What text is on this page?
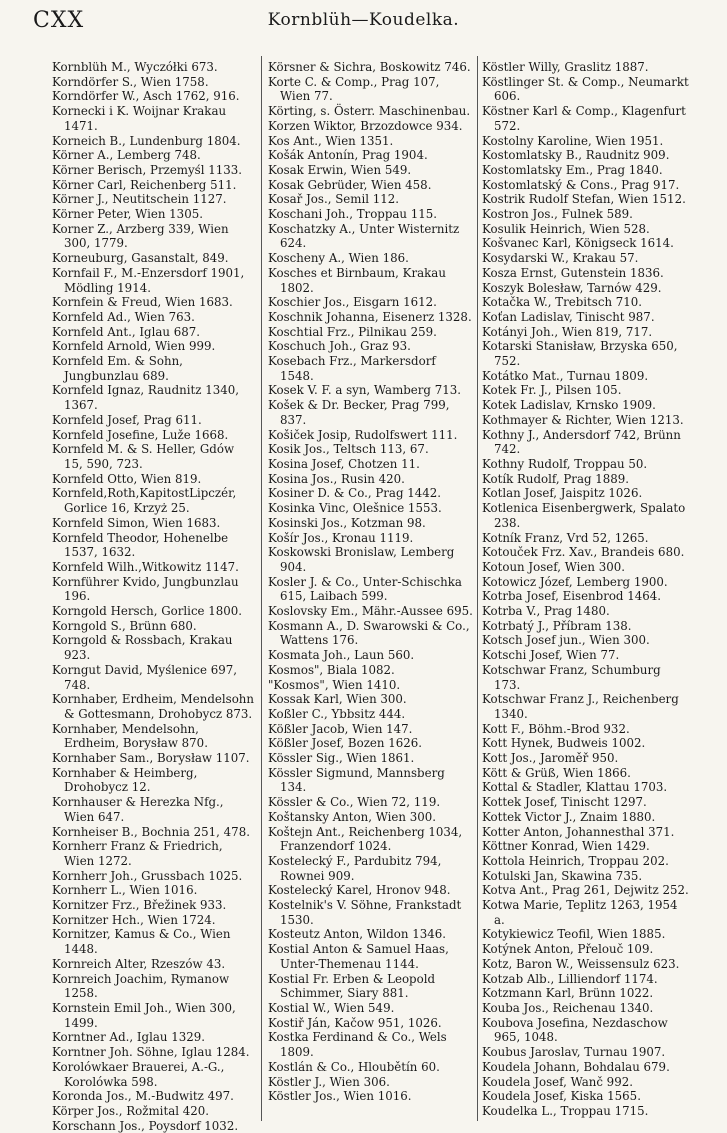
CXX	Kornblüh—Koudelka.
Kornblüh M., Wyczółki 673.
Korndörfer S., Wien 1758.
Korndörfer W., Asch 1762, 916.
Kornecki i K. Woijnar Krakau 1471.
Korneich B., Lundenburg 1804.
Körner A., Lemberg 748.
Körner Berisch, Przemyśl 1133.
Körner Carl, Reichenberg 511.
Körner J., Neutitschein 1127.
Körner Peter, Wien 1305.
Korner Z., Arzberg 339, Wien 300, 1779.
Korneuburg, Gasanstalt, 849.
Kornfail F., M.-Enzersdorf 1901, Mödling 1914.
Kornfein & Freud, Wien 1683.
Kornfeld Ad., Wien 763.
Kornfeld Ant., Iglau 687.
Kornfeld Arnold, Wien 999.
Kornfeld Em. & Sohn, Jungbunzlau 689.
Kornfeld Ignaz, Raudnitz 1340, 1367.
Kornfeld Josef, Prag 611.
Kornfeld Josefine, Luže 1668.
Kornfeld M. & S. Heller, Gdów 15, 590, 723.
Kornfeld Otto, Wien 819.
Kornfeld,Roth,KapitostLipczér, Gorlice 16, Krzyż 25.
Kornfeld Simon, Wien 1683.
Kornfeld Theodor, Hohenelbe 1537, 1632.
Kornfeld Wilh.,Witkowitz 1147.
Kornführer Kvido, Jungbunzlau 196.
Korngold Hersch, Gorlice 1800.
Korngold S., Brünn 680.
Korngold & Rossbach, Krakau 923.
Korngut David, Myślenice 697, 748.
Kornhaber, Erdheim, Mendelsohn & Gottesmann, Drohobycz 873.
Kornhaber, Mendelsohn, Erdheim, Borysław 870.
Kornhaber Sam., Borysław 1107.
Kornhaber & Heimberg, Drohobycz 12.
Kornhauser & Herezka Nfg., Wien 647.
Kornheiser B., Bochnia 251, 478.
Kornherr Franz & Friedrich, Wien 1272.
Kornherr Joh., Grussbach 1025.
Kornherr L., Wien 1016.
Kornitzer Frz., Břežinek 933.
Kornitzer Hch., Wien 1724.
Kornitzer, Kamus & Co., Wien 1448.
Kornreich Alter, Rzeszów 43.
Kornreich Joachim, Rymanow 1258.
Kornstein Emil Joh., Wien 300, 1499.
Korntner Ad., Iglau 1329.
Korntner Joh. Söhne, Iglau 1284.
Korolówkaer Brauerei, A.-G., Korolówka 598.
Koronda Jos., M.-Budwitz 497.
Körper Jos., Rožmital 420.
Korschann Jos., Poysdorf 1032.
Körsner & Sichra, Boskowitz 746.
Korte C. & Comp., Prag 107, Wien 77.
Körting, s. Österr. Maschinenbau.
Korzen Wiktor, Brzozdowce 934.
Kos Ant., Wien 1351.
Košák Antonín, Prag 1904.
Kosak Erwin, Wien 549.
Kosak Gebrüder, Wien 458.
Kosař Jos., Semil 112.
Koschani Joh., Troppau 115.
Koschatzky A., Unter Wisternitz 624.
Koscheny A., Wien 186.
Kosches et Birnbaum, Krakau 1802.
Koschier Jos., Eisgarn 1612.
Koschnik Johanna, Eisenerz 1328.
Koschtial Frz., Pilnikau 259.
Koschuch Joh., Graz 93.
Kosebach Frz., Markersdorf 1548.
Kosek V. F. a syn, Wamberg 713.
Košek & Dr. Becker, Prag 799, 837.
Košiček Josip, Rudolfswert 111.
Kosik Jos., Teltsch 113, 67.
Kosina Josef, Chotzen 11.
Kosina Jos., Rusin 420.
Kosiner D. & Co., Prag 1442.
Kosinka Vinc, Olešnice 1553.
Kosinski Jos., Kotzman 98.
Košír Jos., Kronau 1119.
Koskowski Bronislaw, Lemberg 904.
Kosler J. & Co., Unter-Schischka 615, Laibach 599.
Koslovsky Em., Mähr.-Aussee 695.
Kosmann A., D. Swarowski & Co., Wattens 176.
Kosmata Joh., Laun 560.
Kosmos", Biala 1082.
"Kosmos", Wien 1410.
Kossak Karl, Wien 300.
Koßler C., Ybbsitz 444.
Kößler Jacob, Wien 147.
Kößler Josef, Bozen 1626.
Kössler Sig., Wien 1861.
Kössler Sigmund, Mannsberg 134.
Kössler & Co., Wien 72, 119.
Koštansky Anton, Wien 300.
Koštejn Ant., Reichenberg 1034, Franzendorf 1024.
Kostelecký F., Pardubitz 794, Rownei 909.
Kostelecký Karel, Hronov 948.
Kostelnik's V. Söhne, Frankstadt 1530.
Kosteutz Anton, Wildon 1346.
Kostial Anton & Samuel Haas, Unter-Themenau 1144.
Kostial Fr. Erben & Leopold Schimmer, Siary 881.
Kostial W., Wien 549.
Kostiř Ján, Kačow 951, 1026.
Kostka Ferdinand & Co., Wels 1809.
Kostlán & Co., Hloubětín 60.
Köstler J., Wien 306.
Köstler Jos., Wien 1016.
Köstler Willy, Graslitz 1887.
Köstlinger St. & Comp., Neumarkt 606.
Köstner Karl & Comp., Klagenfurt 572.
Kostolny Karoline, Wien 1951.
Kostomlatsky B., Raudnitz 909.
Kostomlatsky Em., Prag 1840.
Kostomlatský & Cons., Prag 917.
Kostrik Rudolf Stefan, Wien 1512.
Kostron Jos., Fulnek 589.
Kosulik Heinrich, Wien 528.
Košvanec Karl, Königseck 1614.
Kosydarski W., Krakau 57.
Kosza Ernst, Gutenstein 1836.
Koszyk Bolesław, Tarnów 429.
Kotačka W., Trebitsch 710.
Koťan Ladislav, Tinischt 987.
Kotányi Joh., Wien 819, 717.
Kotarski Stanisław, Brzyska 650, 752.
Kotátko Mat., Turnau 1809.
Kotek Fr. J., Pilsen 105.
Kotek Ladislav, Krnsko 1909.
Kothmayer & Richter, Wien 1213.
Kothny J., Andersdorf 742, Brünn 742.
Kothny Rudolf, Troppau 50.
Kotík Rudolf, Prag 1889.
Kotlan Josef, Jaispitz 1026.
Kotlenica Eisenbergwerk, Spalato 238.
Kotník Franz, Vrd 52, 1265.
Kotouček Frz. Xav., Brandeis 680.
Kotoun Josef, Wien 300.
Kotowicz Józef, Lemberg 1900.
Kotrba Josef, Eisenbrod 1464.
Kotrba V., Prag 1480.
Kotrbatý J., Příbram 138.
Kotsch Josef jun., Wien 300.
Kotschi Josef, Wien 77.
Kotschwar Franz, Schumburg 173.
Kotschwar Franz J., Reichenberg 1340.
Kott F., Böhm.-Brod 932.
Kott Hynek, Budweis 1002.
Kott Jos., Jaroměř 950.
Kött & Grüß, Wien 1866.
Kottal & Stadler, Klattau 1703.
Kottek Josef, Tinischt 1297.
Kottek Victor J., Znaim 1880.
Kotter Anton, Johannesthal 371.
Köttner Konrad, Wien 1429.
Kottola Heinrich, Troppau 202.
Kotulski Jan, Skawina 735.
Kotva Ant., Prag 261, Dejwitz 252.
Kotwa Marie, Teplitz 1263, 1954 a.
Kotykiewicz Teofil, Wien 1885.
Kotýnek Anton, Přelouč 109.
Kotz, Baron W., Weissensulz 623.
Kotzab Alb., Lilliendorf 1174.
Kotzmann Karl, Brünn 1022.
Kouba Jos., Reichenau 1340.
Koubova Josefina, Nezdaschow 965, 1048.
Koubus Jaroslav, Turnau 1907.
Koudela Johann, Bohdalau 679.
Koudela Josef, Wanč 992.
Koudela Josef, Kiska 1565.
Koudelka L., Troppau 1715.
